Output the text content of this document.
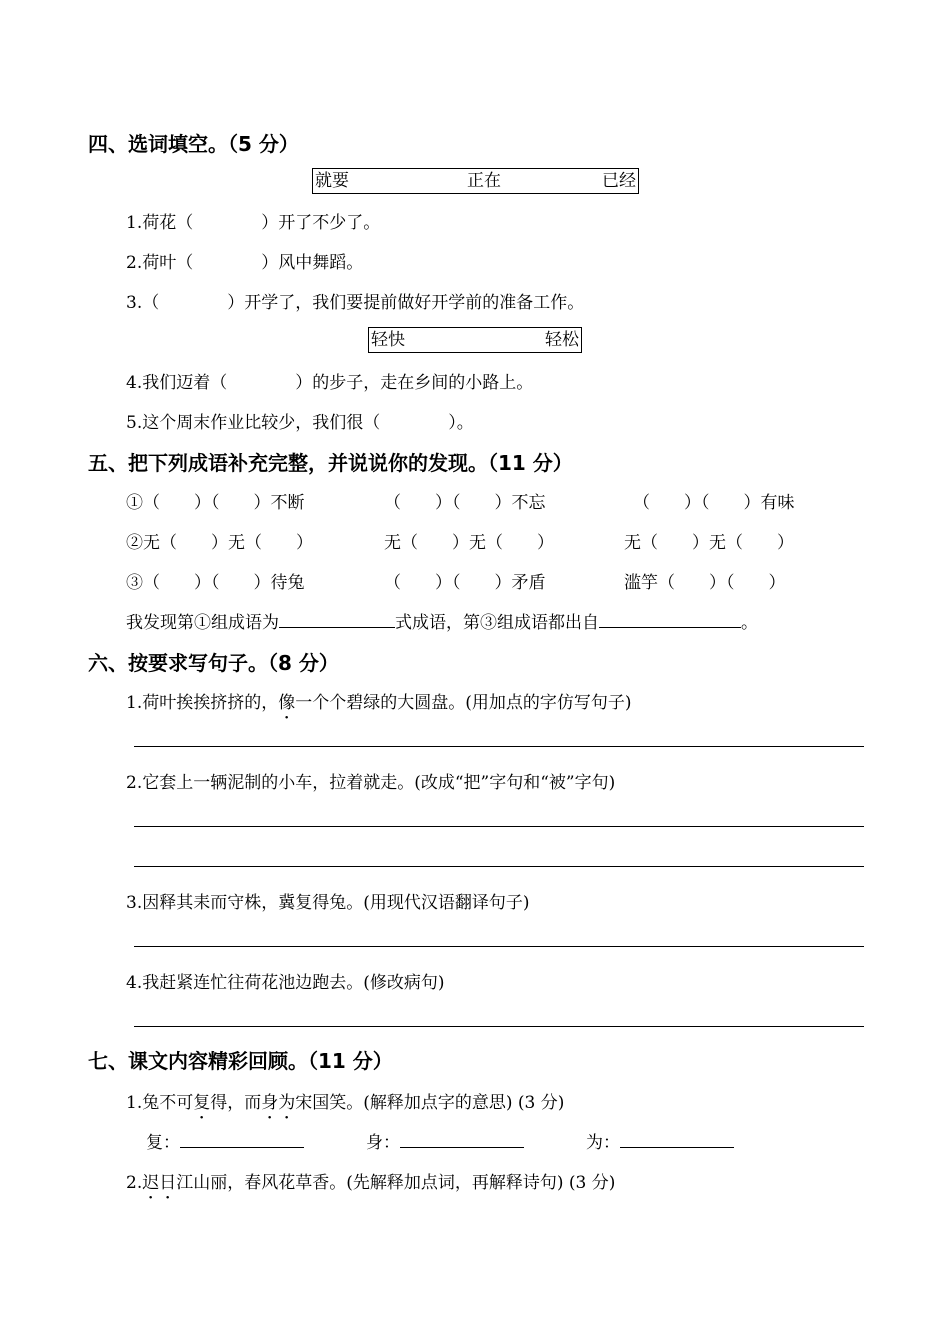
四、选词填空。（5 分）
就要	正在	已经
1.荷花（　　　　）开了不少了。
2.荷叶（　　　　）风中舞蹈。
3.（　　　　）开学了，我们要提前做好开学前的准备工作。
轻快	轻松
4.我们迈着（　　　　）的步子，走在乡间的小路上。
5.这个周末作业比较少，我们很（　　　　）。
五、把下列成语补充完整，并说说你的发现。（11 分）
①（　　）（　　）不断	（　　）（　　）不忘	（　　）（　　）有味
②无（　　）无（　　）	无（　　）无（　　）	无（　　）无（　　）
③（　　）（　　）待兔	（　　）（　　）矛盾	滥竽（　　）（　　）
我发现第①组成语为	式成语，第③组成语都出自	。
六、按要求写句子。（8 分）
1.荷叶挨挨挤挤的，像一个个碧绿的大圆盘。(用加点的字仿写句子)
2.它套上一辆泥制的小车，拉着就走。(改成“把”字句和“被”字句)
3.因释其耒而守株，冀复得兔。(用现代汉语翻译句子)
4.我赶紧连忙往荷花池边跑去。(修改病句)
七、课文内容精彩回顾。（11 分）
1.兔不可复得，而身为宋国笑。(解释加点字的意思) (3 分)
复：	身：	为：
2.迟日江山丽，春风花草香。(先解释加点词，再解释诗句) (3 分)
